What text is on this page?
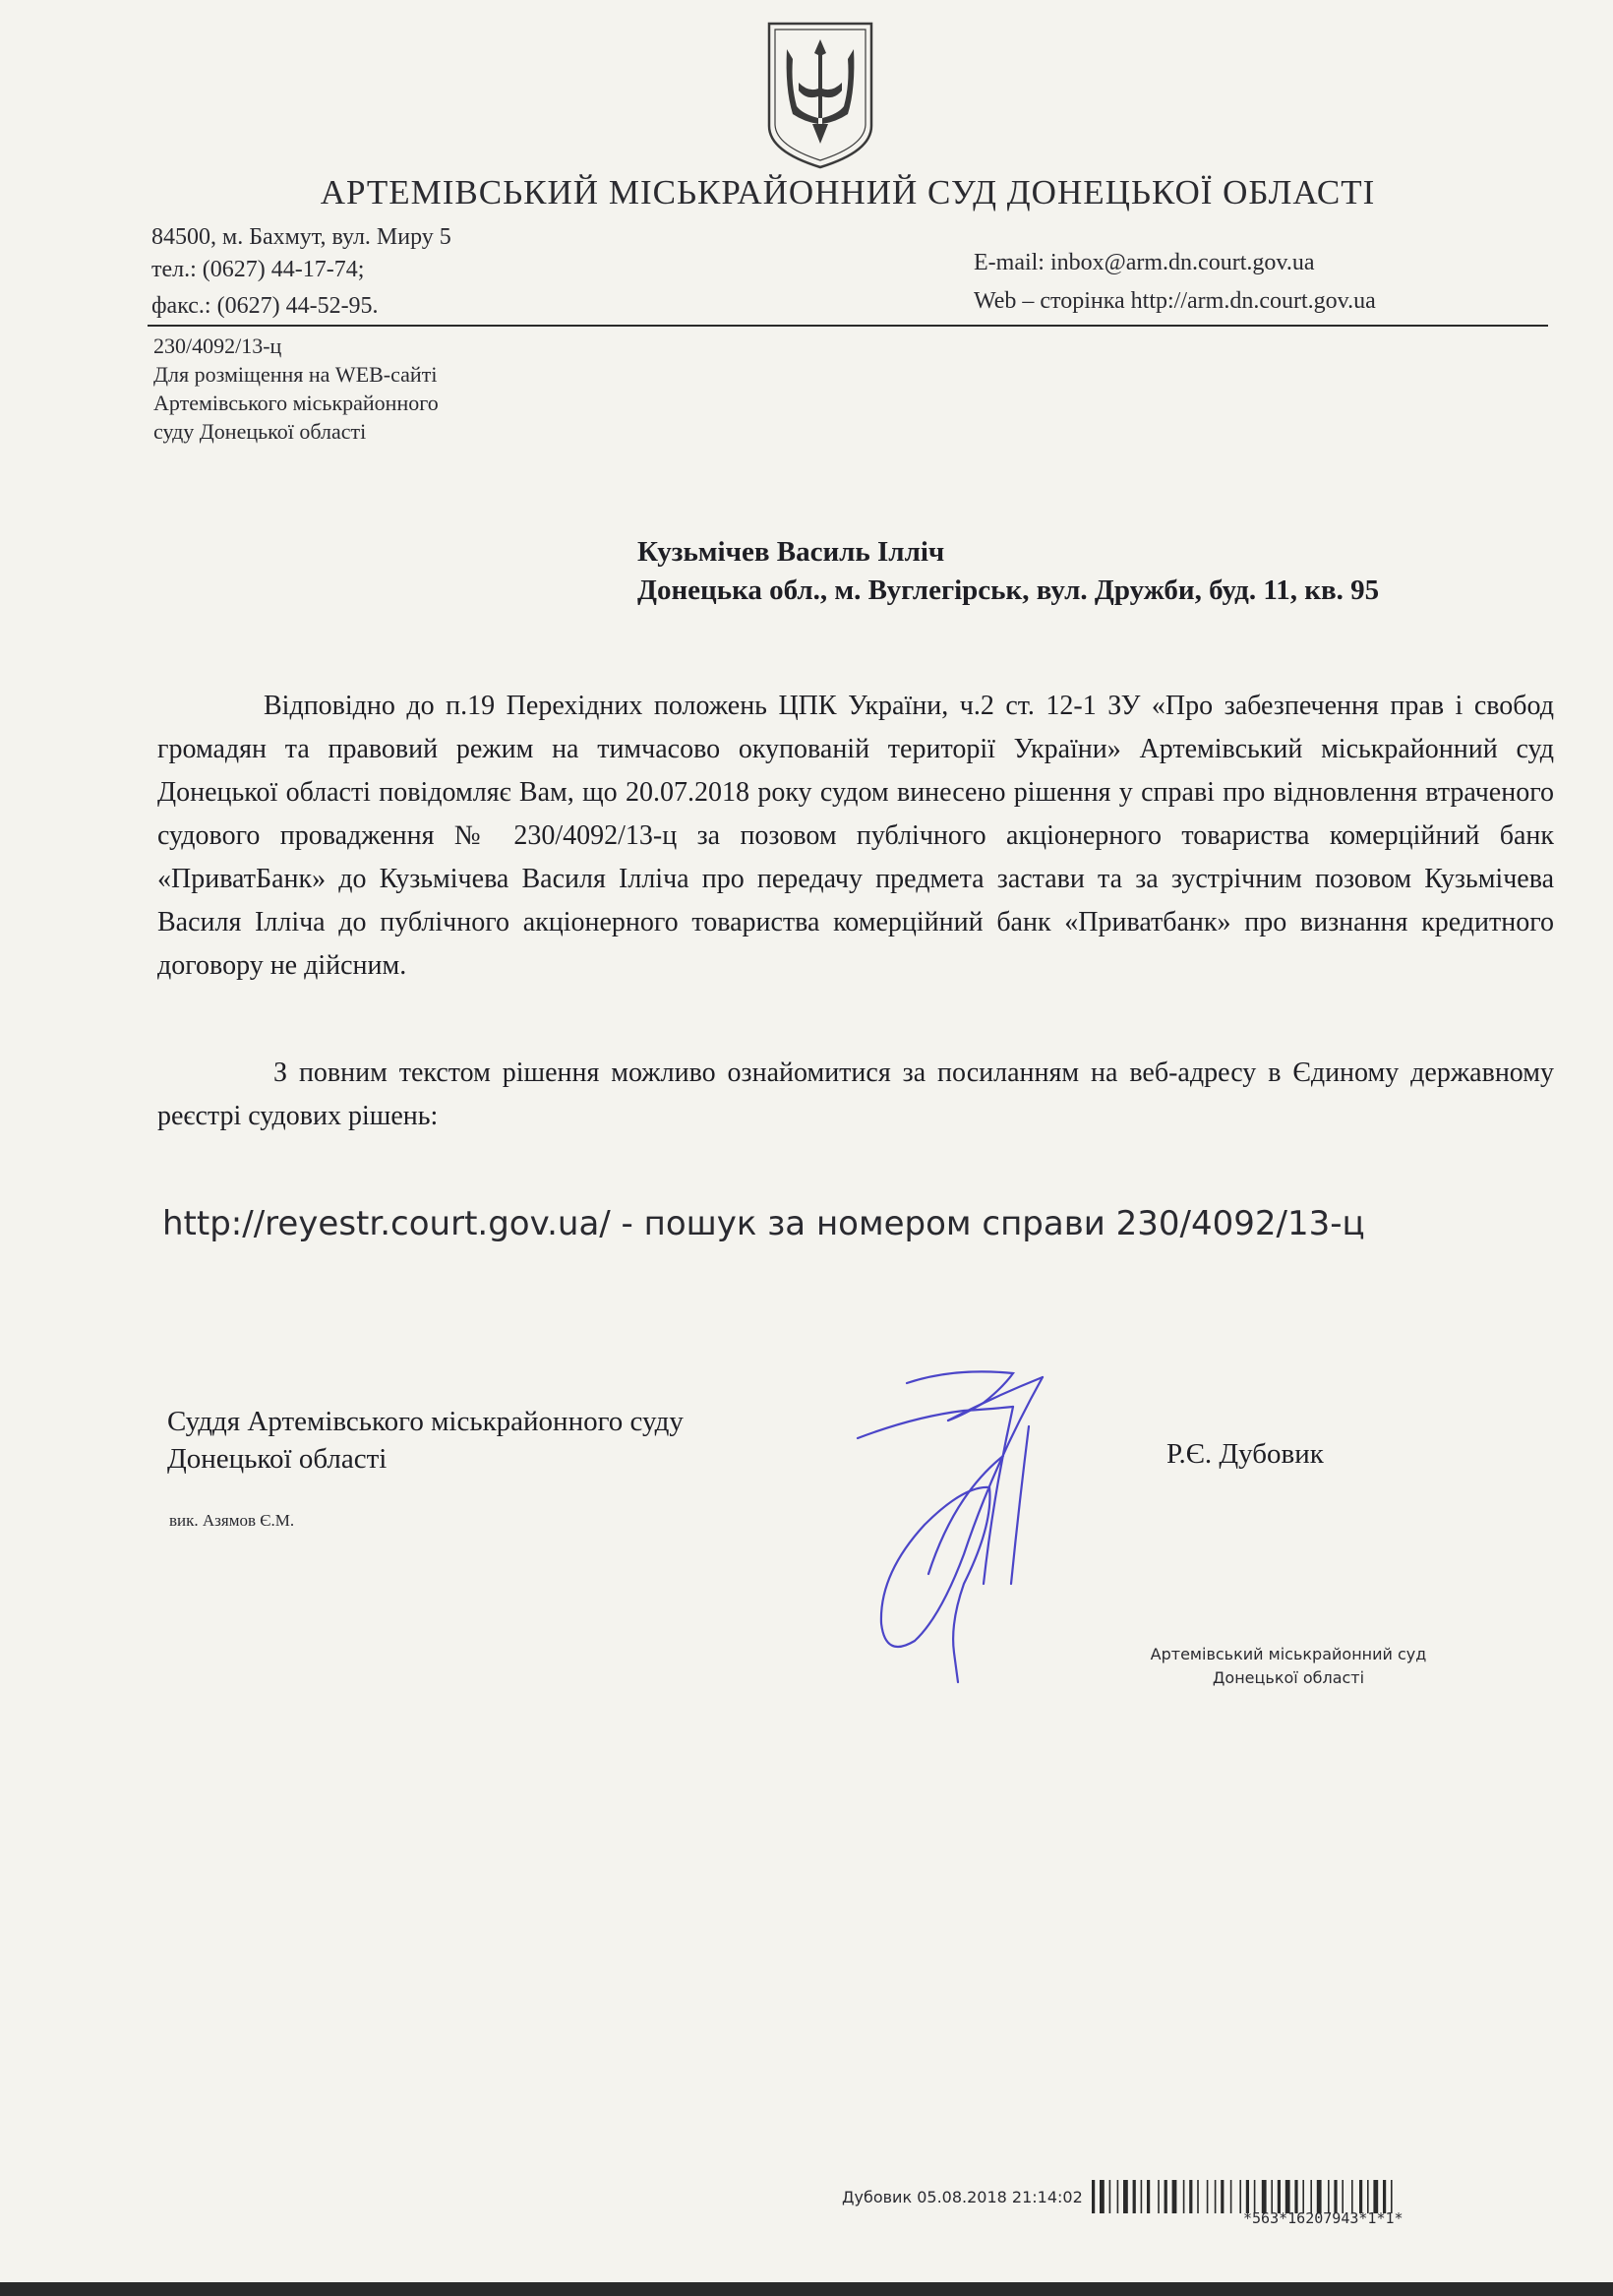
АРТЕМІВСЬКИЙ МІСЬКРАЙОННИЙ СУД ДОНЕЦЬКОЇ ОБЛАСТІ
84500, м. Бахмут, вул. Миру 5
тел.: (0627) 44-17-74;
факс.: (0627) 44-52-95.
E-mail: inbox@arm.dn.court.gov.ua
Web – сторінка http://arm.dn.court.gov.ua
230/4092/13-ц
Для розміщення на WEB-сайті
Артемівського міськрайонного
суду Донецької області
Кузьмічев Василь Ілліч
Донецька обл., м. Вуглегірськ, вул. Дружби, буд. 11, кв. 95
Відповідно до п.19 Перехідних положень ЦПК України, ч.2 ст. 12-1 ЗУ «Про забезпечення прав і свобод громадян та правовий режим на тимчасово окупованій території України» Артемівський міськрайонний суд Донецької області повідомляє Вам, що 20.07.2018 року судом винесено рішення у справі про відновлення втраченого судового провадження № 230/4092/13-ц за позовом публічного акціонерного товариства комерційний банк «ПриватБанк» до Кузьмічева Василя Ілліча про передачу предмета застави та за зустрічним позовом Кузьмічева Василя Ілліча до публічного акціонерного товариства комерційний банк «Приватбанк» про визнання кредитного договору не дійсним.
З повним текстом рішення можливо ознайомитися за посиланням на веб-адресу в Єдиному державному реєстрі судових рішень:
http://reyestr.court.gov.ua/ - пошук за номером справи 230/4092/13-ц
Суддя Артемівського міськрайонного суду
Донецької області	Р.Є. Дубовик
вик. Азямов Є.М.
Артемівський міськрайонний суд
Донецької області
Дубовик 05.08.2018 21:14:02
*563*16207943*1*1*
